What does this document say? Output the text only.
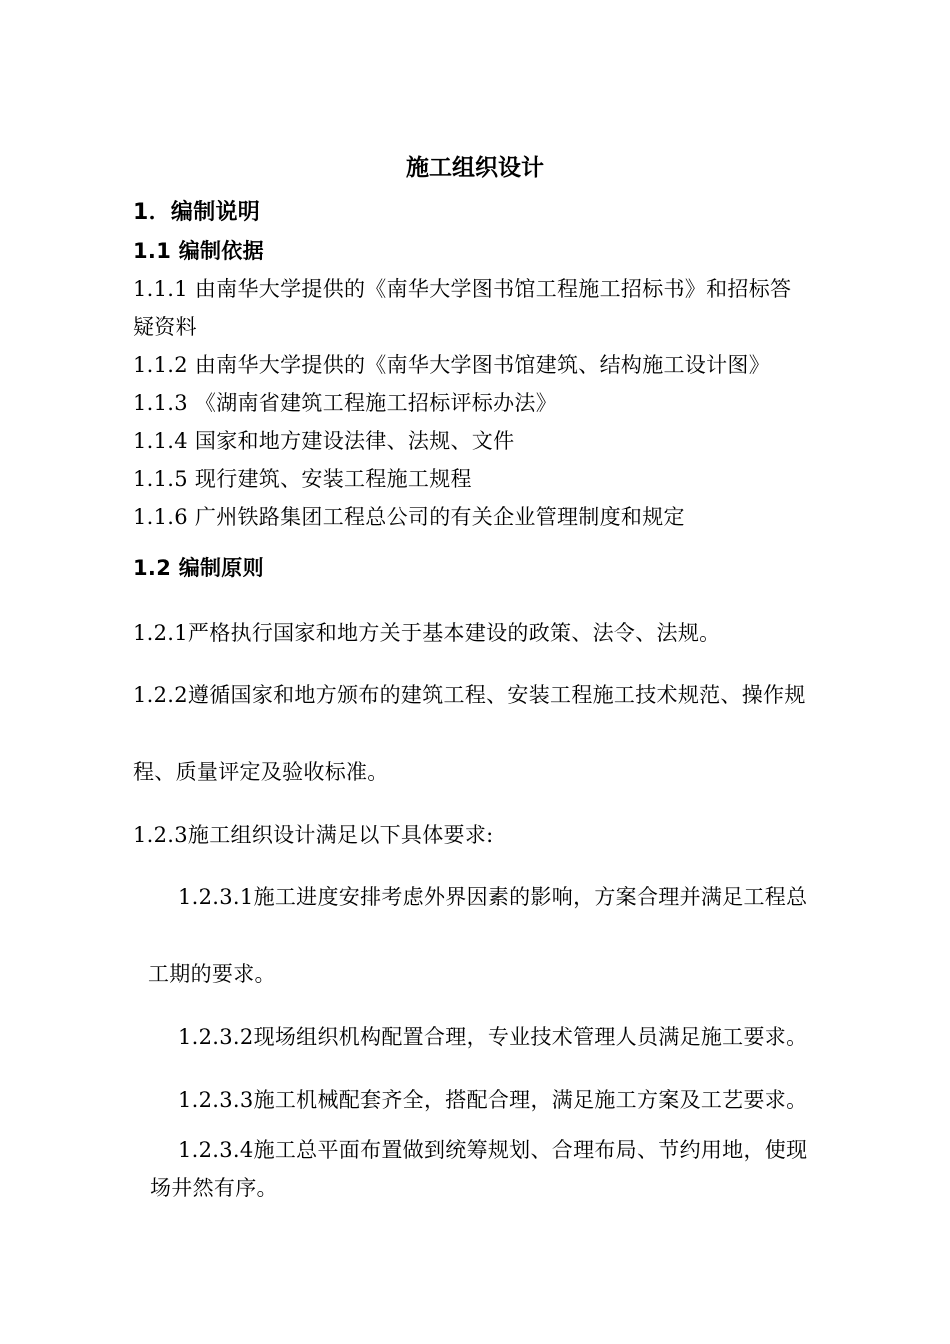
施工组织设计
1．编制说明
1.1 编制依据
1.1.1 由南华大学提供的《南华大学图书馆工程施工招标书》和招标答
疑资料
1.1.2 由南华大学提供的《南华大学图书馆建筑、结构施工设计图》
1.1.3 《湖南省建筑工程施工招标评标办法》
1.1.4 国家和地方建设法律、法规、文件
1.1.5 现行建筑、安装工程施工规程
1.1.6 广州铁路集团工程总公司的有关企业管理制度和规定
1.2 编制原则
1.2.1严格执行国家和地方关于基本建设的政策、法令、法规。
1.2.2遵循国家和地方颁布的建筑工程、安装工程施工技术规范、操作规
程、质量评定及验收标准。
1.2.3施工组织设计满足以下具体要求:
1.2.3.1施工进度安排考虑外界因素的影响，方案合理并满足工程总
工期的要求。
1.2.3.2现场组织机构配置合理，专业技术管理人员满足施工要求。
1.2.3.3施工机械配套齐全，搭配合理，满足施工方案及工艺要求。
1.2.3.4施工总平面布置做到统筹规划、合理布局、节约用地，使现
场井然有序。
